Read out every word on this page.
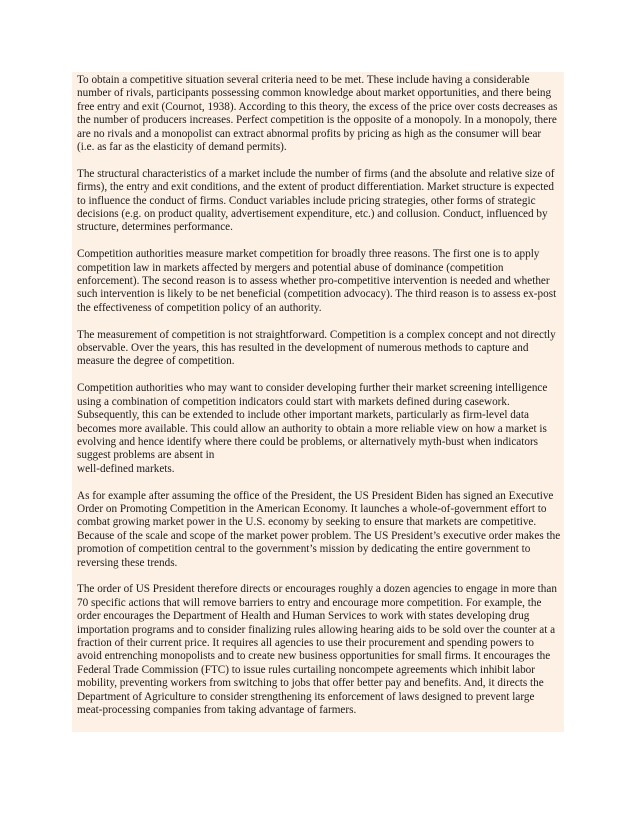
To obtain a competitive situation several criteria need to be met. These include having a considerable number of rivals, participants possessing common knowledge about market opportunities, and there being free entry and exit (Cournot, 1938). According to this theory, the excess of the price over costs decreases as the number of producers increases. Perfect competition is the opposite of a monopoly. In a monopoly, there are no rivals and a monopolist can extract abnormal profits by pricing as high as the consumer will bear (i.e. as far as the elasticity of demand permits).

The structural characteristics of a market include the number of firms (and the absolute and relative size of firms), the entry and exit conditions, and the extent of product differentiation. Market structure is expected to influence the conduct of firms. Conduct variables include pricing strategies, other forms of strategic decisions (e.g. on product quality, advertisement expenditure, etc.) and collusion. Conduct, influenced by structure, determines performance.

Competition authorities measure market competition for broadly three reasons. The first one is to apply competition law in markets affected by mergers and potential abuse of dominance (competition enforcement). The second reason is to assess whether pro-competitive intervention is needed and whether such intervention is likely to be net beneficial (competition advocacy). The third reason is to assess ex-post the effectiveness of competition policy of an authority.

The measurement of competition is not straightforward. Competition is a complex concept and not directly observable. Over the years, this has resulted in the development of numerous methods to capture and measure the degree of competition.

Competition authorities who may want to consider developing further their market screening intelligence using a combination of competition indicators could start with markets defined during casework. Subsequently, this can be extended to include other important markets, particularly as firm-level data becomes more available. This could allow an authority to obtain a more reliable view on how a market is evolving and hence identify where there could be problems, or alternatively myth-bust when indicators suggest problems are absent in
well-defined markets.

As for example after assuming the office of the President, the US President Biden has signed an Executive Order on Promoting Competition in the American Economy. It launches a whole-of-government effort to combat growing market power in the U.S. economy by seeking to ensure that markets are competitive. Because of the scale and scope of the market power problem. The US President’s executive order makes the promotion of competition central to the government’s mission by dedicating the entire government to reversing these trends.

The order of US President therefore directs or encourages roughly a dozen agencies to engage in more than 70 specific actions that will remove barriers to entry and encourage more competition. For example, the order encourages the Department of Health and Human Services to work with states developing drug importation programs and to consider finalizing rules allowing hearing aids to be sold over the counter at a fraction of their current price. It requires all agencies to use their procurement and spending powers to avoid entrenching monopolists and to create new business opportunities for small firms. It encourages the Federal Trade Commission (FTC) to issue rules curtailing noncompete agreements which inhibit labor mobility, preventing workers from switching to jobs that offer better pay and benefits. And, it directs the Department of Agriculture to consider strengthening its enforcement of laws designed to prevent large meat-processing companies from taking advantage of farmers.
